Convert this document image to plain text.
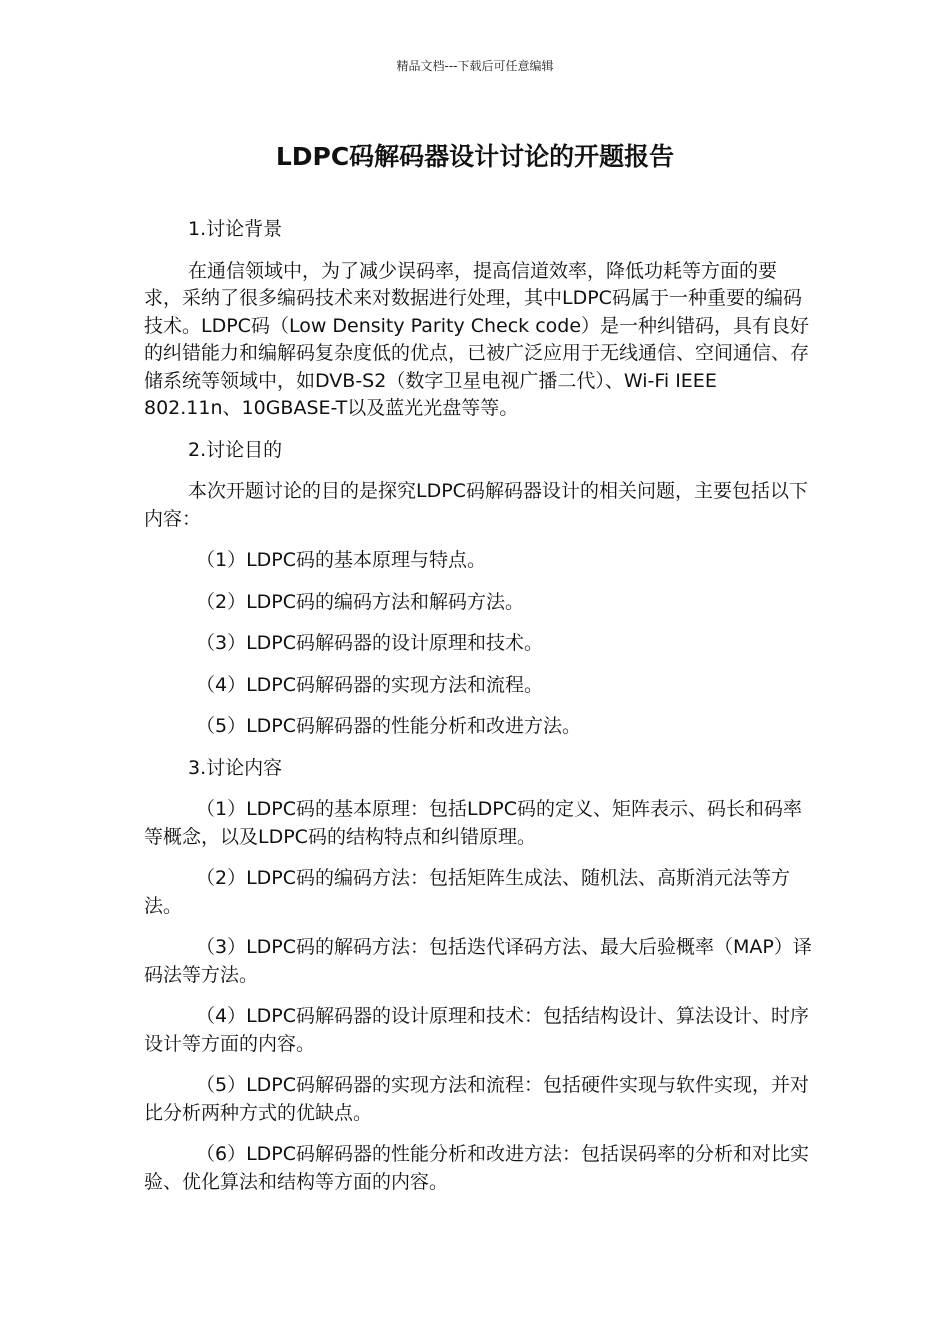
精品文档---下载后可任意编辑
LDPC码解码器设计讨论的开题报告

1.讨论背景

在通信领域中，为了减少误码率，提高信道效率，降低功耗等方面的要求，采纳了很多编码技术来对数据进行处理，其中LDPC码属于一种重要的编码技术。LDPC码（Low Density Parity Check code）是一种纠错码，具有良好的纠错能力和编解码复杂度低的优点，已被广泛应用于无线通信、空间通信、存储系统等领域中，如DVB-S2（数字卫星电视广播二代）、Wi-Fi IEEE 802.11n、10GBASE-T以及蓝光光盘等等。

2.讨论目的

本次开题讨论的目的是探究LDPC码解码器设计的相关问题，主要包括以下内容：

（1）LDPC码的基本原理与特点。

（2）LDPC码的编码方法和解码方法。

（3）LDPC码解码器的设计原理和技术。

（4）LDPC码解码器的实现方法和流程。

（5）LDPC码解码器的性能分析和改进方法。

3.讨论内容

（1）LDPC码的基本原理：包括LDPC码的定义、矩阵表示、码长和码率等概念，以及LDPC码的结构特点和纠错原理。

（2）LDPC码的编码方法：包括矩阵生成法、随机法、高斯消元法等方法。

（3）LDPC码的解码方法：包括迭代译码方法、最大后验概率（MAP）译码法等方法。

（4）LDPC码解码器的设计原理和技术：包括结构设计、算法设计、时序设计等方面的内容。

（5）LDPC码解码器的实现方法和流程：包括硬件实现与软件实现，并对比分析两种方式的优缺点。

（6）LDPC码解码器的性能分析和改进方法：包括误码率的分析和对比实验、优化算法和结构等方面的内容。
